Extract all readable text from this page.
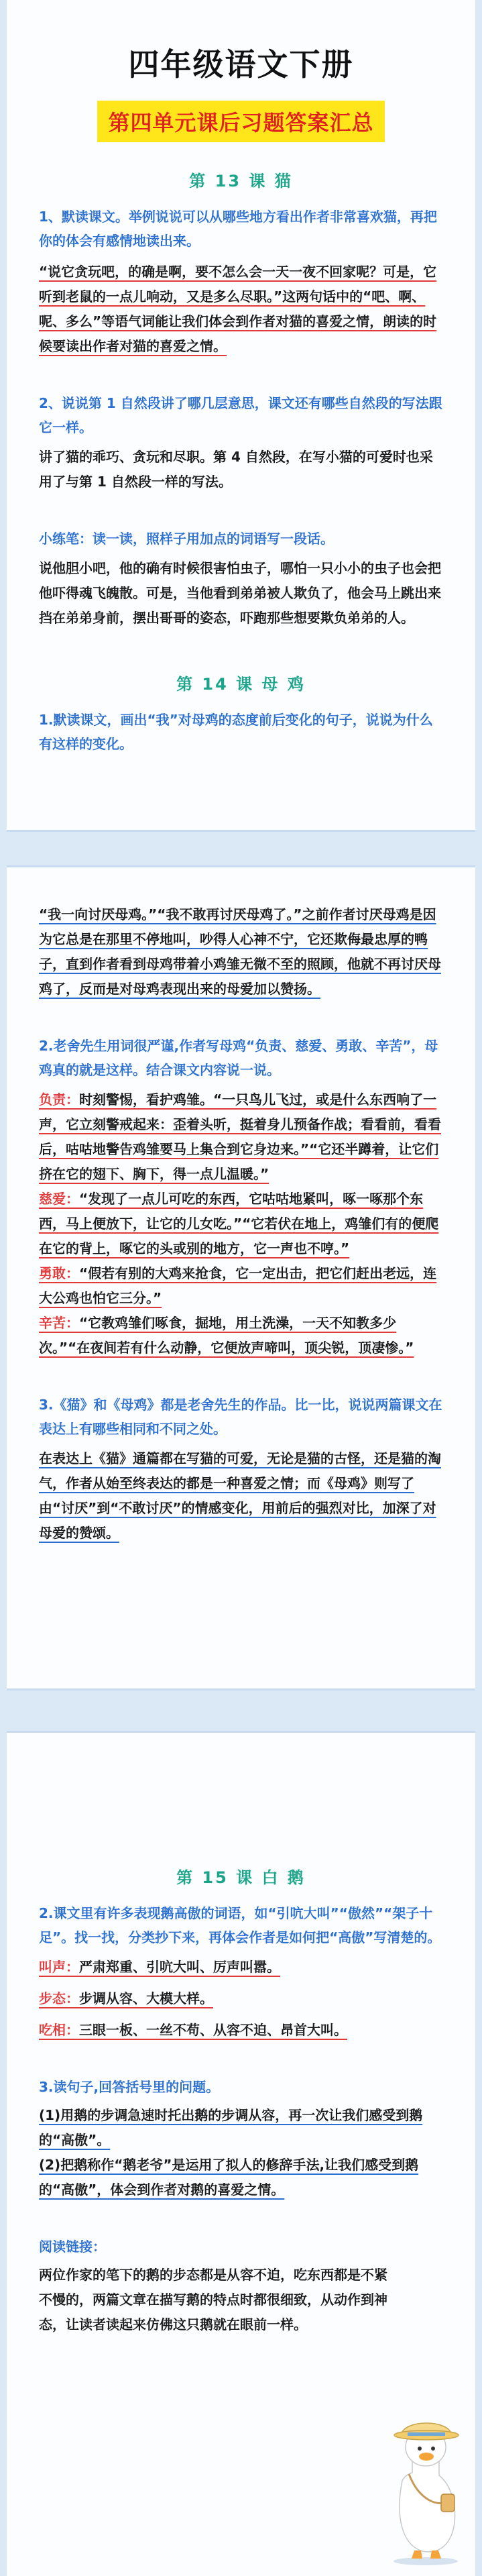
四年级语文下册
第四单元课后习题答案汇总

第 13 课 猫

1、默读课文。举例说说可以从哪些地方看出作者非常喜欢猫，再把你的体会有感情地读出来。

“说它贪玩吧，的确是啊，要不怎么会一天一夜不回家呢？可是，它听到老鼠的一点儿响动，又是多么尽职。”这两句话中的“吧、啊、呢、多么”等语气词能让我们体会到作者对猫的喜爱之情，朗读的时候要读出作者对猫的喜爱之情。

2、说说第 1 自然段讲了哪几层意思，课文还有哪些自然段的写法跟它一样。

讲了猫的乖巧、贪玩和尽职。第 4 自然段，在写小猫的可爱时也采用了与第 1 自然段一样的写法。

小练笔：读一读，照样子用加点的词语写一段话。

说他胆小吧，他的确有时候很害怕虫子，哪怕一只小小的虫子也会把他吓得魂飞魄散。可是，当他看到弟弟被人欺负了，他会马上跳出来挡在弟弟身前，摆出哥哥的姿态，吓跑那些想要欺负弟弟的人。

第 14 课 母 鸡

1.默读课文，画出“我”对母鸡的态度前后变化的句子，说说为什么有这样的变化。

“我一向讨厌母鸡。”“我不敢再讨厌母鸡了。”之前作者讨厌母鸡是因为它总是在那里不停地叫，吵得人心神不宁，它还欺侮最忠厚的鸭子，直到作者看到母鸡带着小鸡雏无微不至的照顾，他就不再讨厌母鸡了，反而是对母鸡表现出来的母爱加以赞扬。

2.老舍先生用词很严谨,作者写母鸡“负责、慈爱、勇敢、辛苦”，母鸡真的就是这样。结合课文内容说一说。

负责：时刻警惕，看护鸡雏。“一只鸟儿飞过，或是什么东西响了一声，它立刻警戒起来：歪着头听，挺着身儿预备作战；看看前，看看后，咕咕地警告鸡雏要马上集合到它身边来。”“它还半蹲着，让它们挤在它的翅下、胸下，得一点儿温暖。”

慈爱：“发现了一点儿可吃的东西，它咕咕地紧叫，啄一啄那个东西，马上便放下，让它的儿女吃。”“它若伏在地上，鸡雏们有的便爬在它的背上，啄它的头或别的地方，它一声也不哼。”

勇敢：“假若有别的大鸡来抢食，它一定出击，把它们赶出老远，连大公鸡也怕它三分。”

辛苦：“它教鸡雏们啄食，掘地，用土洗澡，一天不知教多少次。”“在夜间若有什么动静，它便放声啼叫，顶尖锐，顶凄惨。”

3.《猫》和《母鸡》都是老舍先生的作品。比一比，说说两篇课文在表达上有哪些相同和不同之处。

在表达上《猫》通篇都在写猫的可爱，无论是猫的古怪，还是猫的淘气，作者从始至终表达的都是一种喜爱之情；而《母鸡》则写了由“讨厌”到“不敢讨厌”的情感变化，用前后的强烈对比，加深了对母爱的赞颂。

第 15 课 白 鹅

2.课文里有许多表现鹅高傲的词语，如“引吭大叫”“傲然”“架子十足”。找一找，分类抄下来，再体会作者是如何把“高傲”写清楚的。

叫声：严肃郑重、引吭大叫、厉声叫嚣。

步态：步调从容、大模大样。

吃相：三眼一板、一丝不苟、从容不迫、昂首大叫。

3.读句子,回答括号里的问题。

(1)用鹅的步调急速时托出鹅的步调从容，再一次让我们感受到鹅的“高傲”。

(2)把鹅称作“鹅老爷”是运用了拟人的修辞手法,让我们感受到鹅的“高傲”，体会到作者对鹅的喜爱之情。

阅读链接：

两位作家的笔下的鹅的步态都是从容不迫，吃东西都是不紧不慢的，两篇文章在描写鹅的特点时都很细致，从动作到神态，让读者读起来仿佛这只鹅就在眼前一样。
